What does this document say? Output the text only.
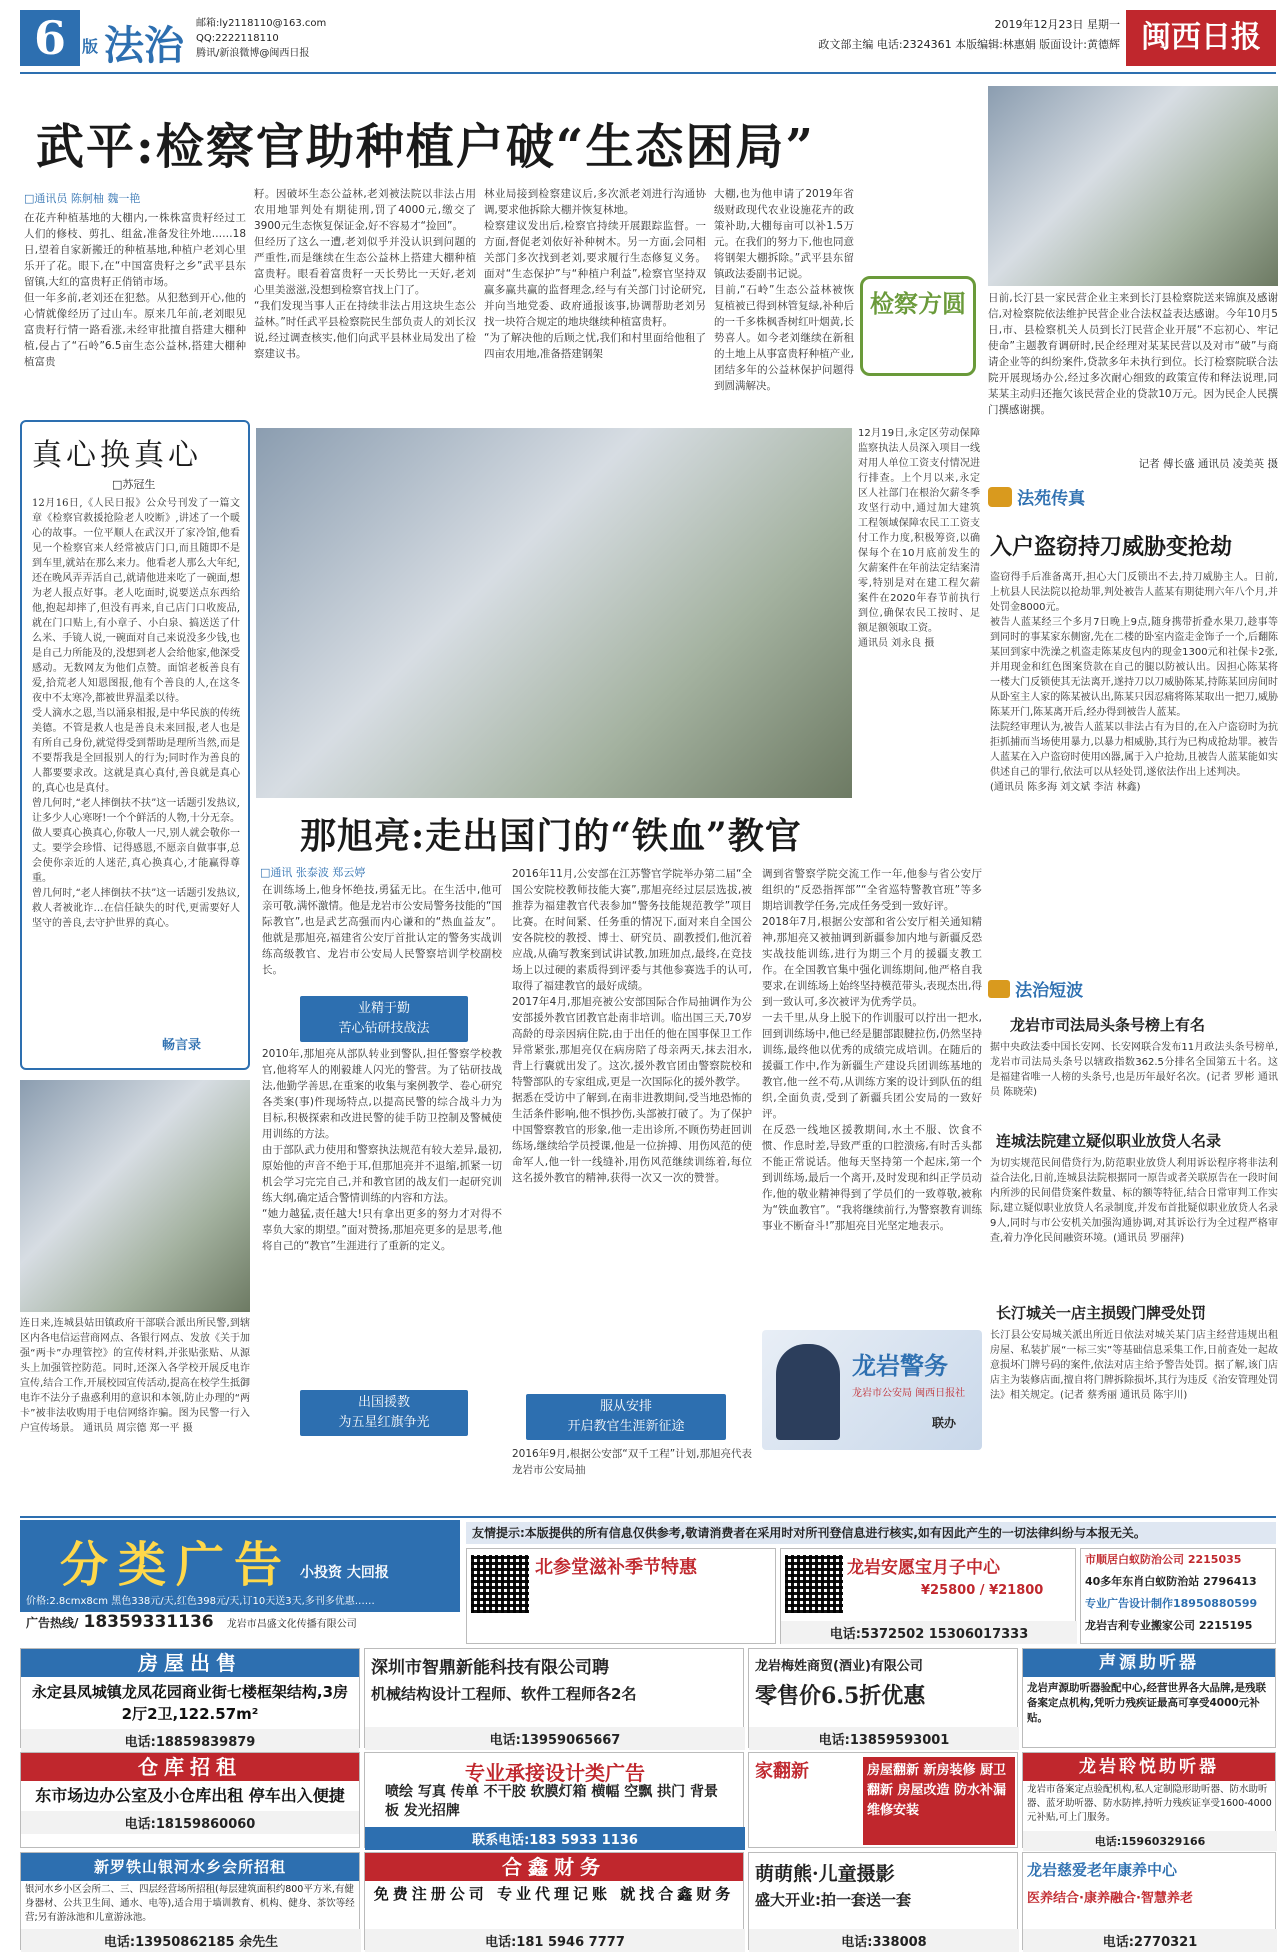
6	版 法治 邮箱:ly2118110@163.com
QQ:2222118110
腾讯/新浪微博@闽西日报
2019年12月23日 星期一
政文部主编 电话:2324361 本版编辑:林惠娟 版面设计:黄德辉 闽西日报
武平:检察官助种植户破“生态困局”
□通讯员 陈舸柚 魏一艳
在花卉种植基地的大棚内,一株株富贵籽经过工人们的修枝、剪扎、组盆,准备发往外地……18日,望着自家新搬迁的种植基地,种植户老刘心里乐开了花。眼下,在“中国富贵籽之乡”武平县东留镇,大红的富贵籽正俏销市场。
但一年多前,老刘还在犯愁。从犯愁到开心,他的心情就像经历了过山车。原来几年前,老刘眼见富贵籽行情一路看涨,未经审批擅自搭建大棚种植,侵占了“石岭”6.5亩生态公益林,搭建大棚种植富贵
籽。因破坏生态公益林,老刘被法院以非法占用农用地罪判处有期徒刑,罚了4000元,缴交了3900元生态恢复保证金,好不容易才“捡回”。
但经历了这么一遭,老刘似乎并没认识到问题的严重性,而是继续在生态公益林上搭建大棚种植富贵籽。眼看着富贵籽一天长势比一天好,老刘心里美滋滋,没想到检察官找上门了。
“我们发现当事人正在持续非法占用这块生态公益林。”时任武平县检察院民生部负责人的刘长汉说,经过调查核实,他们向武平县林业局发出了检察建议书。
林业局接到检察建议后,多次派老刘进行沟通协调,要求他拆除大棚并恢复林地。
检察建议发出后,检察官持续开展跟踪监督。一方面,督促老刘依好补种树木。另一方面,会同相关部门多次找到老刘,要求履行生态修复义务。面对“生态保护”与“种植户利益”,检察官坚持双赢多赢共赢的监督理念,经与有关部门讨论研究,并向当地党委、政府通报该事,协调帮助老刘另找一块符合规定的地块继续种植富贵籽。
“为了解决他的后顾之忧,我们和村里面给他租了四亩农用地,准备搭建钢架
大棚,也为他申请了2019年省级财政现代农业设施花卉的政策补助,大棚每亩可以补1.5万元。在我们的努力下,他也同意将钢架大棚拆除。”武平县东留镇政法委副书记说。
目前,“石岭”生态公益林被恢复植被已得到林管复绿,补种后的一千多株枫香树红叶烟黄,长势喜人。如今老刘继续在新租的土地上从事富贵籽种植产业,团结多年的公益林保护问题得到圆满解决。
检察方圆	日前,长汀县一家民营企业主来到长汀县检察院送来锦旗及感谢信,对检察院依法维护民营企业合法权益表达感谢。今年10月5日,市、县检察机关人员到长汀民营企业开展“不忘初心、牢记使命”主题教育调研时,民企经理对某某民营以及对市“破”与商请企业等的纠纷案件,贷款多年未执行到位。长汀检察院联合法院开展现场办公,经过多次耐心细致的政策宣传和释法说理,同某某主动归还拖欠该民营企业的贷款10万元。因为民企人民撰门撰感谢撰。
记者 傅长盛 通讯员 凌美英 摄
真心换真心
□苏冠生
12月16日,《人民日报》公众号刊发了一篇文章《检察官救援抢险老人咬断》,讲述了一个暖心的故事。一位平顺人在武汉开了家冷馆,他看见一个检察官来人经常被店门口,而且随即不是到车里,就站在那么来力。他看老人那么大年纪,还在晚风弄弄活自己,就请他进来吃了一碗面,想为老人报点好事。老人吃面时,说要送点东西给他,抱起却摔了,但没有再来,自己店门口收废品,就在门口贴上,有小章子、小白泉、搞送送了什么米、手镜人说,一碗面对自己来说没多少钱,也是自己力所能及的,没想到老人会给他家,他深受感动。无数网友为他们点赞。面馆老板善良有爱,拾荒老人知恩图报,他有个善良的人,在这冬夜中不太寒冷,都被世界温柔以待。
受人滴水之恩,当以涌泉相报,是中华民族的传统美德。不管是救人也是善良未来回报,老人也是有所自己身份,就觉得受到帮助是理所当然,而是不要帮我是全回报别人的行为;同时作为善良的人都要要求改。这就是真心真付,善良就是真心的,真心也是真付。
曾几何时,“老人摔倒扶不扶”这一话题引发热议,让多少人心寒呀!一个个鲜活的人物,十分无奈。做人要真心换真心,你敬人一尺,别人就会敬你一丈。要学会珍惜、记得感恩,不愿亲自做事事,总会使你亲近的人迷茫,真心换真心,才能赢得尊重。
曾几何时,“老人摔倒扶不扶”这一话题引发热议,救人者被讹诈…在信任缺失的时代,更需要好人坚守的善良,去守护世界的真心。
畅言录
连日来,连城县姑田镇政府干部联合派出所民警,到辖区内各电信运营商网点、各银行网点、发放《关于加强“两卡”办理管控》的宣传材料,并张贴张贴、从源头上加强管控防范。同时,还深入各学校开展反电诈宣传,结合工作,开展校园宣传活动,提高在校学生抵御电诈不法分子蛊惑利用的意识和本领,防止办理的“两卡”被非法收购用于电信网络诈骗。图为民警一行入户宣传场景。 通讯员 周宗德 郑一平 摄
12月19日,永定区劳动保障监察执法人员深入项目一线对用人单位工资支付情况进行排查。上个月以来,永定区人社部门在根治欠薪冬季攻坚行动中,通过加大建筑工程领域保障农民工工资支付工作力度,积极筹资,以确保每个在10月底前发生的欠薪案件在年前法定结案清零,特别是对在建工程欠薪案件在2020年春节前执行到位,确保农民工按时、足额足额领取工资。
通讯员 刘永良 摄
那旭亮:走出国门的“铁血”教官
□通讯 张泰波 郑云婷
在训练场上,他身怀绝技,勇猛无比。在生活中,他可亲可敬,满怀激情。他是龙岩市公安局警务技能的“国际教官”,也是武艺高强而内心谦和的“热血益友”。他就是那旭亮,福建省公安厅首批认定的警务实战训练高级教官、龙岩市公安局人民警察培训学校副校长。
业精于勤
苦心钻研技战法
2010年,那旭亮从部队转业到警队,担任警察学校教官,他将军人的刚毅雄人闪光的警营。为了钻研技战法,他勤学善思,在重案的收集与案例教学、卷心研究各类案(事)件现场特点,以提高民警的综合战斗力为目标,积极探索和改进民警的徒手防卫控制及警械使用训练的方法。
由于部队武力使用和警察执法规范有较大差异,最初,原始他的声音不绝于耳,但那旭亮并不退缩,抓紧一切机会学习完完自己,并和教官团的战友们一起研究训练大纲,确定适合警情训练的内容和方法。
“她力越猛,责任越大!只有拿出更多的努力才对得不辜负大家的期望。”面对赞扬,那旭亮更多的是思考,他将自己的“教官”生涯进行了重新的定义。
出国援教
为五星红旗争光
2016年11月,公安部在江苏警官学院举办第二届“全国公安院校教师技能大赛”,那旭亮经过层层选拔,被推荐为福建教官代表参加“警务技能规范教学”项目比赛。在时间紧、任务重的情况下,面对来自全国公安各院校的教授、博士、研究员、副教授们,他沉着应战,从确写教案到试讲试教,加班加点,最终,在竞技场上以过硬的素质得到评委与其他参赛选手的认可,取得了福建教官的最好成绩。
2017年4月,那旭亮被公安部国际合作局抽调作为公安部援外教官团教官赴南非培训。临出国三天,70岁高龄的母亲因病住院,由于出任的他在国事保卫工作异常紧张,那旭亮仅在病房陪了母亲两天,抹去泪水,背上行囊就出发了。这次,援外教官团由警察院校和特警部队的专家组成,更是一次国际化的援外教学。
据悉在受访中了解到,在南非进教期间,受当地恐怖的生活条件影响,他不惧抄伤,头部被打破了。为了保护中国警察教官的形象,他一走出诊所,不顾伤势赶回训练场,继续给学员授课,他是一位拚搏、用伤风范的使命军人,他一针一线缝补,用伤风范继续训练着,每位这名援外教官的精神,获得一次又一次的赞誉。
服从安排
开启教官生涯新征途
2016年9月,根据公安部“双千工程”计划,那旭亮代表龙岩市公安局抽
调到省警察学院交流工作一年,他参与省公安厅组织的“反恐指挥部”“全省巡特警教官班”等多期培训教学任务,完成任务受到一致好评。
2018年7月,根据公安部和省公安厅相关通知精神,那旭亮又被抽调到新疆参加内地与新疆反恐实战技能训练,进行为期三个月的援疆支教工作。在全国教官集中强化训练期间,他严格自我要求,在训练场上始终坚持模范带头,表现杰出,得到一致认可,多次被评为优秀学员。
一去千里,从身上脱下的作训服可以拧出一把水,回到训练场中,他已经是腿部跟腱拉伤,仍然坚持训练,最终他以优秀的成绩完成培训。在随后的援疆工作中,作为新疆生产建设兵团训练基地的教官,他一丝不苟,从训练方案的设计到队伍的组织,全面负责,受到了新疆兵团公安局的一致好评。
在反恐一线地区援教期间,水土不服、饮食不惯、作息时差,导致严重的口腔溃疡,有时舌头都不能正常说话。他每天坚持第一个起床,第一个到训练场,最后一个离开,及时发现和纠正学员动作,他的敬业精神得到了学员们的一致尊敬,被称为“铁血教官”。“我将继续前行,为警察教育训练事业不断奋斗!”那旭亮目光坚定地表示。
龙岩警务
龙岩市公安局 闽西日报社
联办
法苑传真
入户盗窃持刀威胁变抢劫
盗窃得手后准备离开,担心大门反锁出不去,持刀威胁主人。日前,上杭县人民法院以抢劫罪,判处被告人蓝某有期徒刑六年八个月,并处罚金8000元。
被告人蓝某经三个多月7日晚上9点,随身携带折叠水果刀,趁事等到同时的事某家东侧窗,先在二楼的卧室内盗走金饰子一个,后翻陈某回到家中洗澡之机盗走陈某皮包内的现金1300元和社保卡2张,并用现金和红色图案贷款在自己的腿以防被认出。因担心陈某将一楼大门反锁使其无法离开,遂持刀以刀威胁陈某,持陈某回房间时从卧室主人家的陈某被认出,陈某只因忍痛将陈某取出一把刀,威胁陈某开门,陈某离开后,经办得到被告人蓝某。
法院经审理认为,被告人蓝某以非法占有为目的,在入户盗窃时为抗拒抓捕而当场使用暴力,以暴力相威胁,其行为已构成抢劫罪。被告人蓝某在入户盗窃时使用凶器,属于入户抢劫,且被告人蓝某能如实供述自己的罪行,依法可以从轻处罚,遂依法作出上述判决。
(通讯员 陈多海 刘文斌 李洁 林鑫)
法治短波
龙岩市司法局头条号榜上有名
据中央政法委中国长安网、长安网联合发布11月政法头条号榜单,龙岩市司法局头条号以辖政指数362.5分排名全国第五十名。这是福建省唯一人榜的头条号,也是历年最好名次。(记者 罗彬 通讯员 陈晓荣)
连城法院建立疑似职业放贷人名录
为切实规范民间借贷行为,防范职业放贷人利用诉讼程序将非法利益合法化,日前,连城县法院根据同一原告或者关联原告在一段时间内所涉的民间借贷案件数量、标的额等特征,结合日常审判工作实际,建立疑似职业放贷人名录制度,并发布首批疑似职业放贷人名录9人,同时与市公安机关加强沟通协调,对其诉讼行为全过程严格审查,着力净化民间融资环境。(通讯员 罗丽萍)
长汀城关一店主损毁门牌受处罚
长汀县公安局城关派出所近日依法对城关某门店主经营违规出租房屋、私装扩展“一标三实”等基础信息采集工作,日前查处一起故意损坏门牌号码的案件,依法对店主给予警告处罚。据了解,该门店店主为装修店面,擅自将门牌拆除损坏,其行为违反《治安管理处罚法》相关规定。(记者 蔡秀丽 通讯员 陈宇川)
分类广告 小投资 大回报
价格:2.8cmx8cm 黑色338元/天,红色398元/天,订10天送3天,多刊多优惠……
广告热线/ 18359331136 龙岩市昌盛文化传播有限公司
友情提示:本版提供的所有信息仅供参考,敬请消费者在采用时对所刊登信息进行核实,如有因此产生的一切法律纠纷与本报无关。
北参堂滋补季节特惠	龙岩安愿宝月子中心
¥25800 / ¥21800
电话:5372502 15306017333
市顺居白蚁防治公司 2215035
40多年东肖白蚁防治站 2796413
专业广告设计制作18950880599
龙岩吉利专业搬家公司 2215195
房屋出售
永定县凤城镇龙凤花园商业街七楼框架结构,3房2厅2卫,122.57m²
电话:18859839879
仓库招租
东市场边办公室及小仓库出租 停车出入便捷
电话:18159860060
新罗铁山银河水乡会所招租
银河水乡小区会所二、三、四层经营场所招租(每层建筑面积约800平方米,有健身器材、公共卫生间、通水、电等),适合用于墙训教育、机构、健身、茶饮等经营;另有游泳池和儿童游泳池。
电话:13950862185 余先生
深圳市智鼎新能科技有限公司聘
机械结构设计工程师、软件工程师各2名
电话:13959065667
专业承接设计类广告
喷绘 写真 传单 不干胶 软膜灯箱 横幅 空飘 拱门 背景板 发光招牌
联系电话:183 5933 1136
合鑫财务
免费注册公司 专业代理记账 就找合鑫财务
电话:181 5946 7777
龙岩梅姓商贸(酒业)有限公司
零售价6.5折优惠
电话:13859593001
家翻新	房屋翻新 新房装修 厨卫翻新 房屋改造 防水补漏 维修安装
萌萌熊·儿童摄影
盛大开业:拍一套送一套
电话:338008
声源助听器
龙岩声源助听器验配中心,经营世界各大品牌,是残联备案定点机构,凭听力残疾证最高可享受4000元补贴。
龙岩聆悦助听器
龙岩市备案定点验配机构,私人定制隐形助听器、防水助听器、蓝牙助听器、防水防摔,持听力残疾证享受1600-4000元补贴,可上门服务。
电话:15960329166
龙岩慈爱老年康养中心
医养结合·康养融合·智慧养老
电话:2770321
